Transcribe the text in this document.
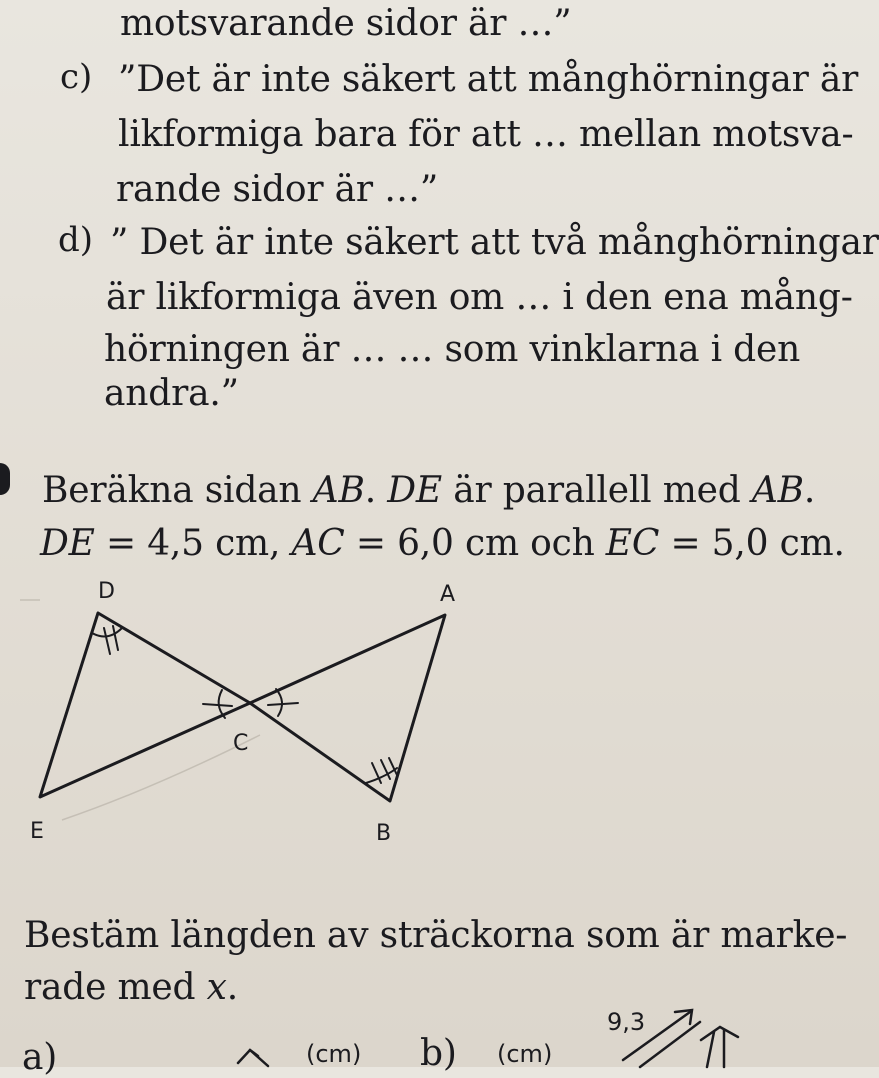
motsvarande sidor är …”
c) ”Det är inte säkert att månghörningar är
likformiga bara för att … mellan motsva-
rande sidor är …”
d) ” Det är inte säkert att två månghörningar
är likformiga även om … i den ena mång-
hörningen är … … som vinklarna i den
andra.”
Beräkna sidan AB. DE är parallell med AB.
DE = 4,5 cm, AC = 6,0 cm och EC = 5,0 cm.
D	A
C
E	B
Bestäm längden av sträckorna som är marke-
rade med x.
a)	(cm) b) (cm)
9,3
